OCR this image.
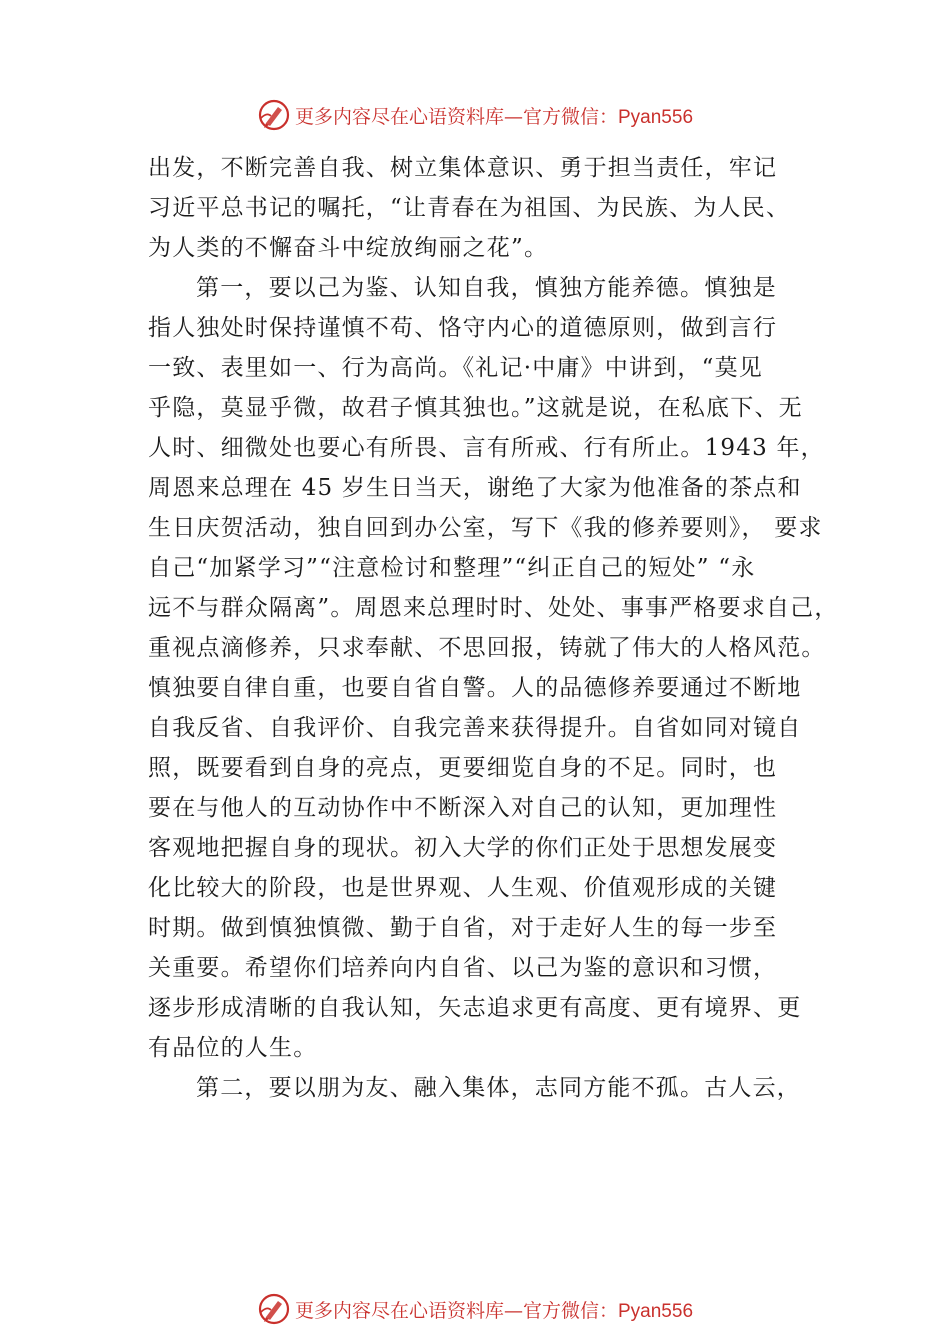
更多内容尽在心语资料库—官方微信：Pyan556
出发，不断完善自我、树立集体意识、勇于担当责任，牢记
习近平总书记的嘱托，“让青春在为祖国、为民族、为人民、
为人类的不懈奋斗中绽放绚丽之花”。
第一，要以己为鉴、认知自我，慎独方能养德。慎独是
指人独处时保持谨慎不苟、恪守内心的道德原则，做到言行
一致、表里如一、行为高尚。《礼记·中庸》中讲到，“莫见
乎隐，莫显乎微，故君子慎其独也。”这就是说，在私底下、无
人时、细微处也要心有所畏、言有所戒、行有所止。1943 年，
周恩来总理在 45 岁生日当天，谢绝了大家为他准备的茶点和
生日庆贺活动，独自回到办公室，写下《我的修养要则》， 要求
自己“加紧学习”“注意检讨和整理”“纠正自己的短处” “永
远不与群众隔离”。周恩来总理时时、处处、事事严格要求自己，
重视点滴修养，只求奉献、不思回报，铸就了伟大的人格风范。
慎独要自律自重，也要自省自警。人的品德修养要通过不断地
自我反省、自我评价、自我完善来获得提升。自省如同对镜自
照，既要看到自身的亮点，更要细览自身的不足。同时，也
要在与他人的互动协作中不断深入对自己的认知，更加理性
客观地把握自身的现状。初入大学的你们正处于思想发展变
化比较大的阶段，也是世界观、人生观、价值观形成的关键
时期。做到慎独慎微、勤于自省，对于走好人生的每一步至
关重要。希望你们培养向内自省、以己为鉴的意识和习惯，
逐步形成清晰的自我认知，矢志追求更有高度、更有境界、更
有品位的人生。
第二，要以朋为友、融入集体，志同方能不孤。古人云，
更多内容尽在心语资料库—官方微信：Pyan556
